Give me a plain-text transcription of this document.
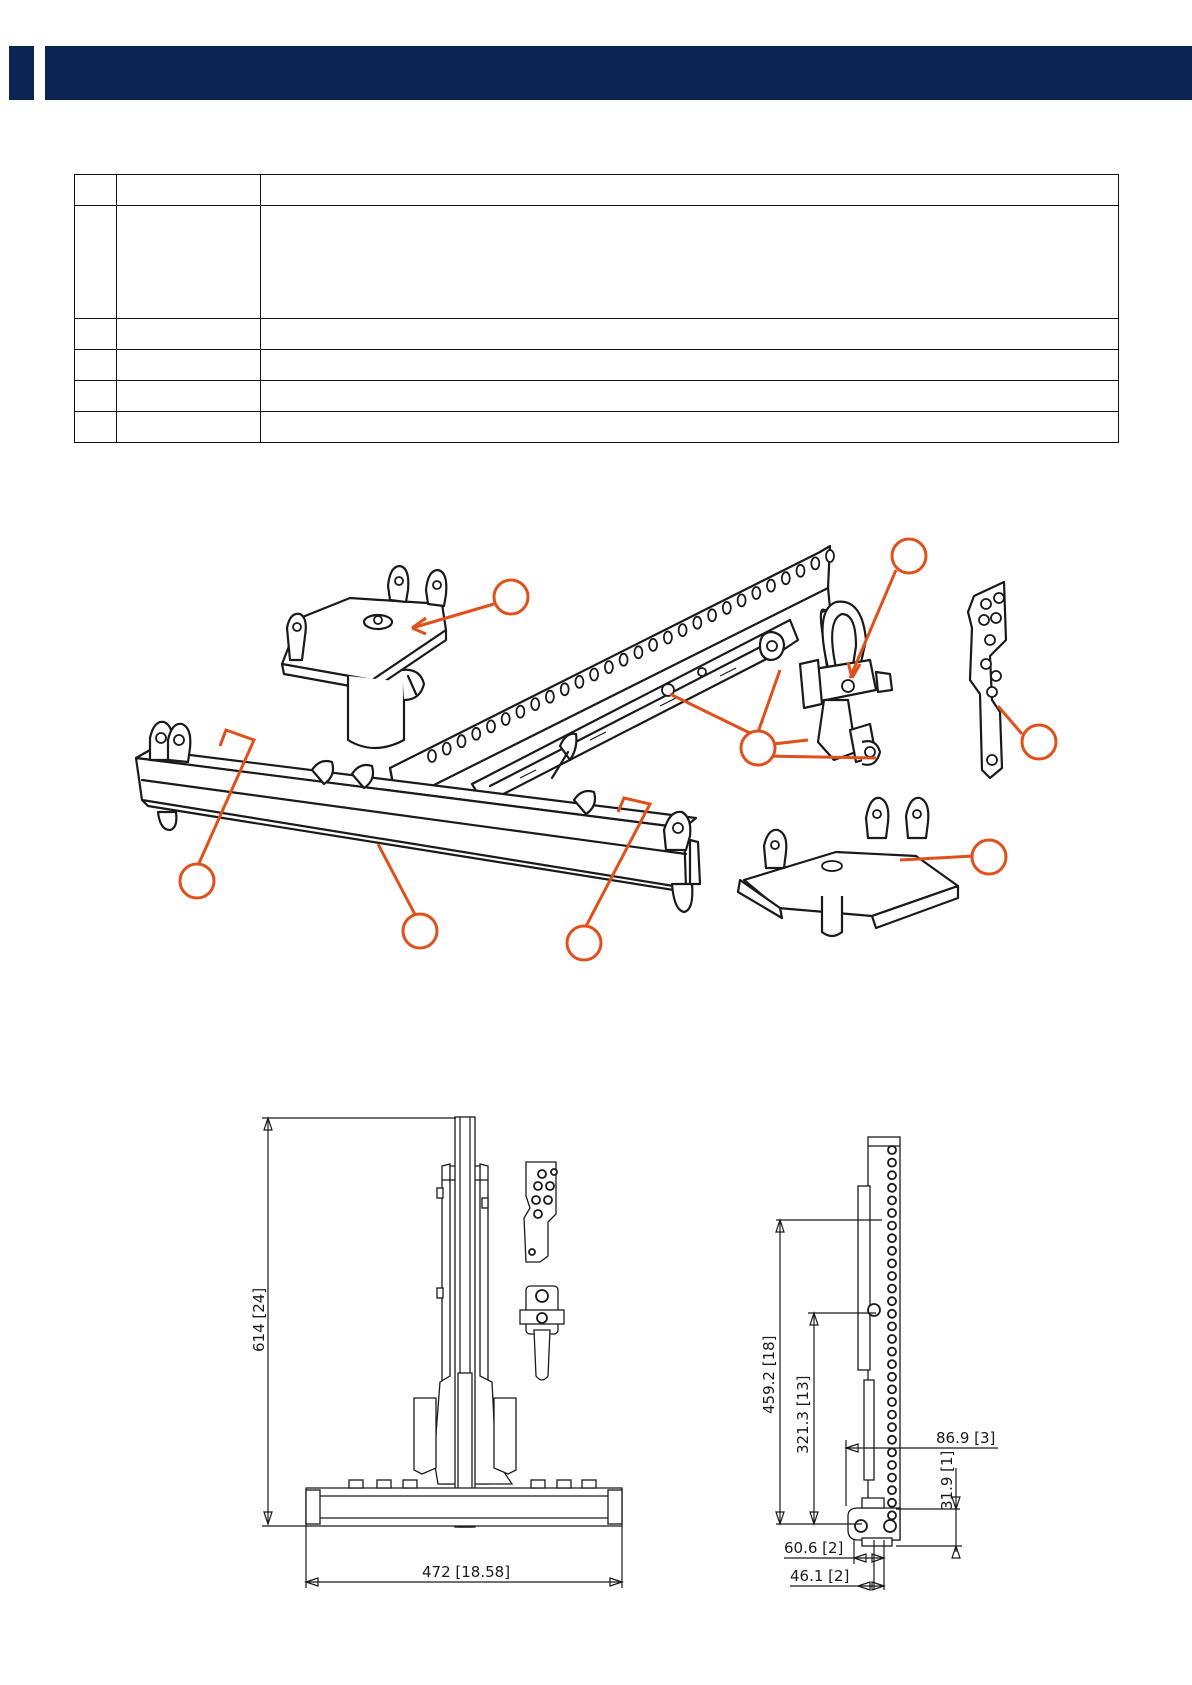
614 [24]
472 [18.58]
459.2 [18]
321.3 [13]	86.9 [3]
31.9 [1]
60.6 [2]
46.1 [2]
